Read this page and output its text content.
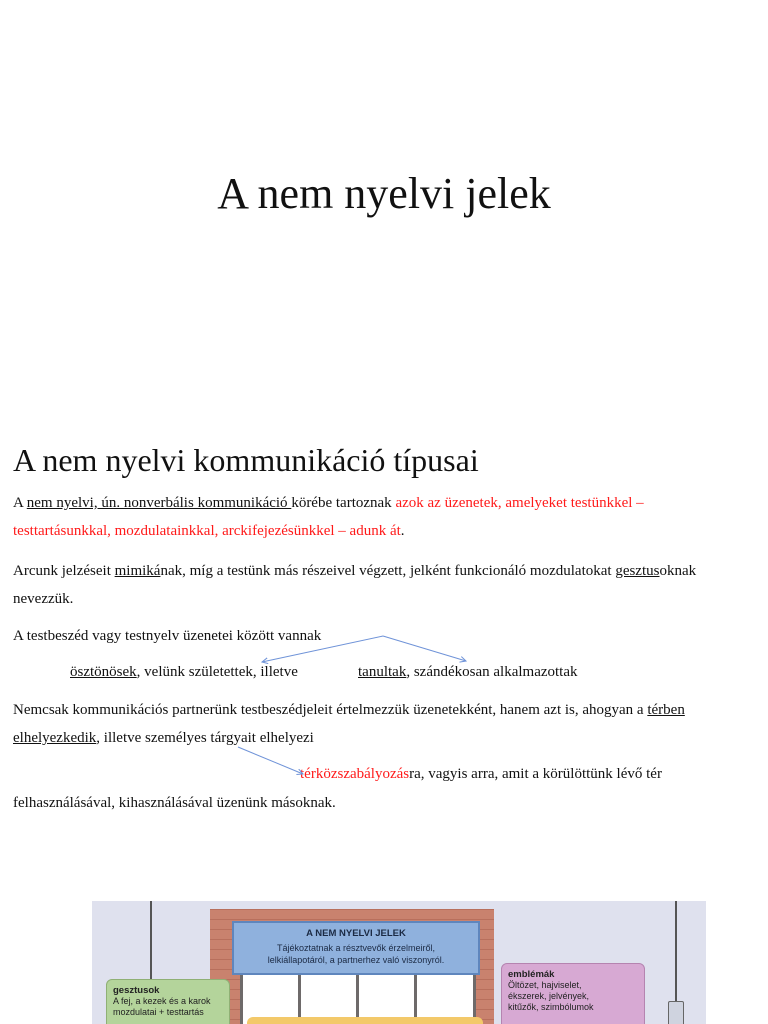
A nem nyelvi jelek
A nem nyelvi kommunikáció típusai
A nem nyelvi, ún. nonverbális kommunikáció körébe tartoznak azok az üzenetek, amelyeket testünkkel –
testtartásunkkal, mozdulatainkkal, arckifejezésünkkel – adunk át.
Arcunk jelzéseit mimikának, míg a testünk más részeivel végzett, jelként funkcionáló mozdulatokat gesztusoknak
nevezzük.
A testbeszéd vagy testnyelv üzenetei között vannak
ösztönösek, velünk születettek, illetve	tanultak, szándékosan alkalmazottak
Nemcsak kommunikációs partnerünk testbeszédjeleit értelmezzük üzenetekként, hanem azt is, ahogyan a térben
elhelyezkedik, illetve személyes tárgyait elhelyezi
térközszabályozásra, vagyis arra, amit a körülöttünk lévő tér
felhasználásával, kihasználásával üzenünk másoknak.
A NEM NYELVI JELEK
Tájékoztatnak a résztvevők érzelmeiről,
lelkiállapotáról, a partnerhez való viszonyról.
gesztusok
A fej, a kezek és a karok
mozdulatai + testtartás
emblémák
Öltözet, hajviselet,
ékszerek, jelvények,
kitűzők, szimbólumok
